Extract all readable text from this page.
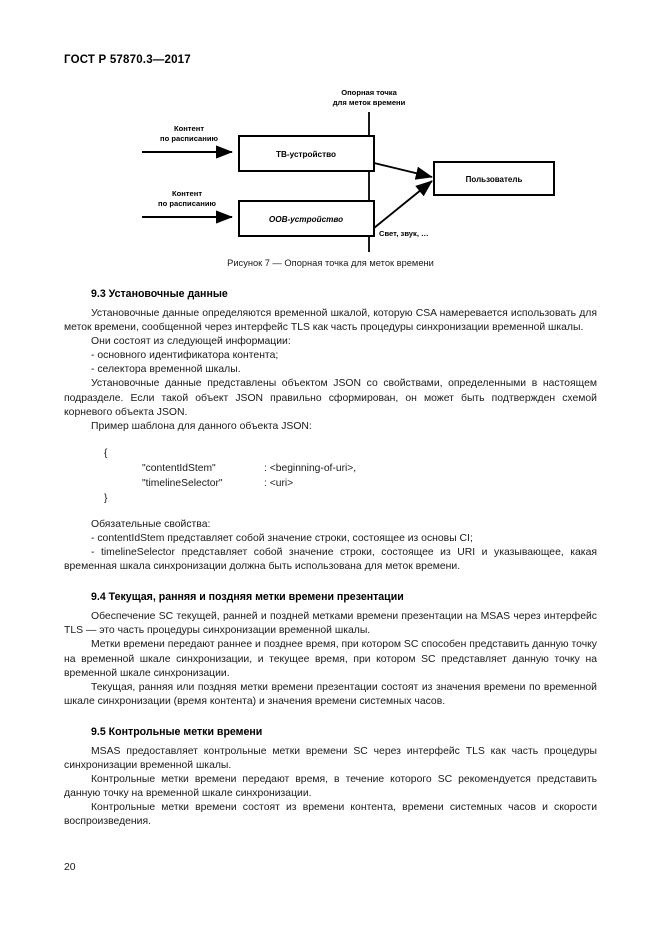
ГОСТ Р 57870.3—2017
Опорная точка
для меток времени
Контент
по расписанию
Контент
по расписанию
ТВ-устройство
OOB-устройство
Пользователь
Свет, звук, …
Рисунок 7 — Опорная точка для меток времени
9.3 Установочные данные

Установочные данные определяются временной шкалой, которую CSA намеревается использовать для меток времени, сообщенной через интерфейс TLS как часть процедуры синхронизации временной шкалы.

Они состоят из следующей информации:

- основного идентификатора контента;

- селектора временной шкалы.

Установочные данные представлены объектом JSON со свойствами, определенными в настоящем подразделе. Если такой объект JSON правильно сформирован, он может быть подтвержден схемой корневого объекта JSON.

Пример шаблона для данного объекта JSON:

{
"contentIdStem"	: <beginning-of-uri>,
"timelineSelector"	: <uri>
}

Обязательные свойства:

- contentIdStem представляет собой значение строки, состоящее из основы CI;

- timelineSelector представляет собой значение строки, состоящее из URI и указывающее, какая временная шкала синхронизации должна быть использована для меток времени.

9.4 Текущая, ранняя и поздняя метки времени презентации

Обеспечение SC текущей, ранней и поздней метками времени презентации на MSAS через интерфейс TLS — это часть процедуры синхронизации временной шкалы.

Метки времени передают раннее и позднее время, при котором SC способен представить данную точку на временной шкале синхронизации, и текущее время, при котором SC представляет данную точку на временной шкале синхронизации.

Текущая, ранняя или поздняя метки времени презентации состоят из значения времени по временной шкале синхронизации (время контента) и значения времени системных часов.

9.5 Контрольные метки времени

MSAS предоставляет контрольные метки времени SC через интерфейс TLS как часть процедуры синхронизации временной шкалы.

Контрольные метки времени передают время, в течение которого SC рекомендуется представить данную точку на временной шкале синхронизации.

Контрольные метки времени состоят из времени контента, времени системных часов и скорости воспроизведения.

20
